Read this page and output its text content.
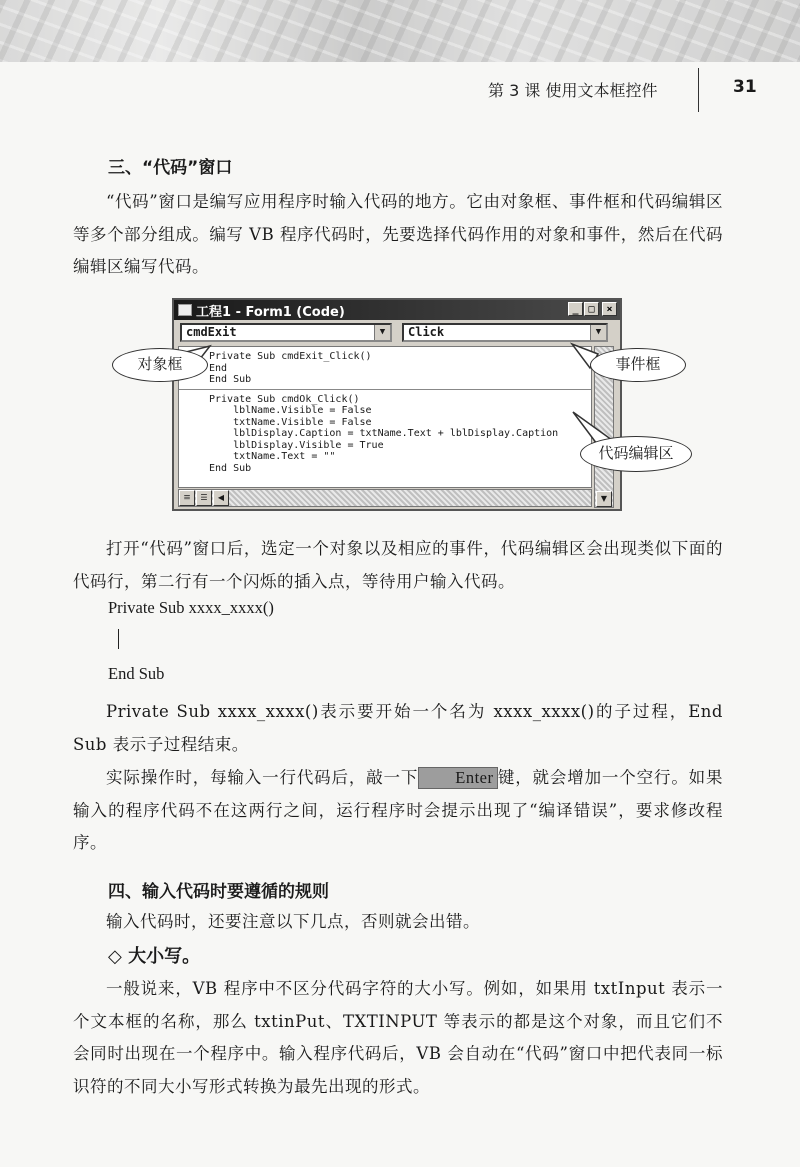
第 3 课 使用文本框控件	31
三、“代码”窗口

“代码”窗口是编写应用程序时输入代码的地方。它由对象框、事件框和代码编辑区等多个部分组成。编写 VB 程序代码时，先要选择代码作用的对象和事件，然后在代码编辑区编写代码。

工程1 - Form1 (Code)	_ □	×
cmdExit	▼	Click	▼
Private Sub cmdExit_Click()
End
End Sub
Private Sub cmdOk_Click()
lblName.Visible = False
txtName.Visible = False
lblDisplay.Caption = txtName.Text + lblDisplay.Caption
lblDisplay.Visible = True
txtName.Text = ""
End Sub
▼
≡	☰	◀
对象框	事件框
代码编辑区

打开“代码”窗口后，选定一个对象以及相应的事件，代码编辑区会出现类似下面的代码行，第二行有一个闪烁的插入点，等待用户输入代码。

Private Sub xxxx_xxxx()
End Sub

Private Sub xxxx_xxxx()表示要开始一个名为 xxxx_xxxx()的子过程，End Sub 表示子过程结束。

实际操作时，每输入一行代码后，敲一下 Enter 键，就会增加一个空行。如果输入的程序代码不在这两行之间，运行程序时会提示出现了“编译错误”，要求修改程序。

四、输入代码时要遵循的规则

输入代码时，还要注意以下几点，否则就会出错。

◇ 大小写。

一般说来，VB 程序中不区分代码字符的大小写。例如，如果用 txtInput 表示一个文本框的名称，那么 txtinPut、TXTINPUT 等表示的都是这个对象，而且它们不会同时出现在一个程序中。输入程序代码后，VB 会自动在“代码”窗口中把代表同一标识符的不同大小写形式转换为最先出现的形式。
